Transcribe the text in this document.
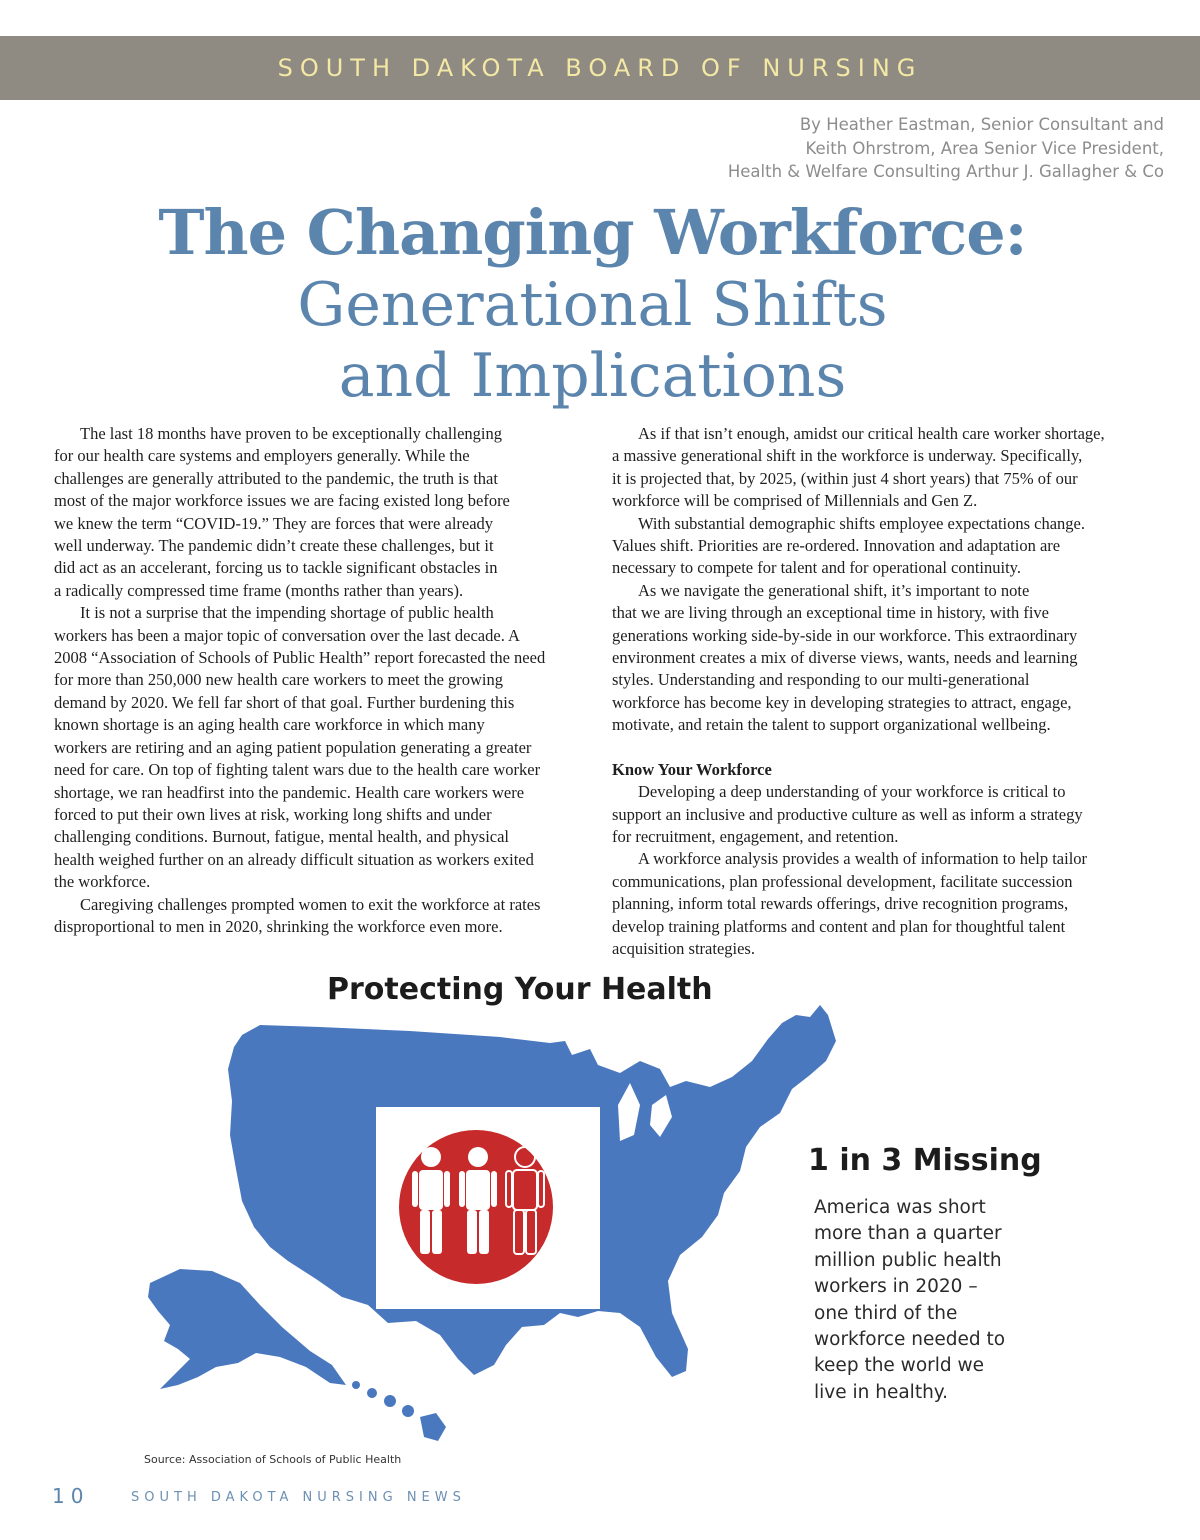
SOUTH DAKOTA BOARD OF NURSING
By Heather Eastman, Senior Consultant and
Keith Ohrstrom, Area Senior Vice President,
Health & Welfare Consulting Arthur J. Gallagher & Co
The Changing Workforce:
Generational Shifts
and Implications

The last 18 months have proven to be exceptionally challenging
for our health care systems and employers generally. While the
challenges are generally attributed to the pandemic, the truth is that
most of the major workforce issues we are facing existed long before
we knew the term “COVID-19.” They are forces that were already
well underway. The pandemic didn’t create these challenges, but it
did act as an accelerant, forcing us to tackle significant obstacles in
a radically compressed time frame (months rather than years).

It is not a surprise that the impending shortage of public health
workers has been a major topic of conversation over the last decade. A
2008 “Association of Schools of Public Health” report forecasted the need
for more than 250,000 new health care workers to meet the growing
demand by 2020. We fell far short of that goal. Further burdening this
known shortage is an aging health care workforce in which many
workers are retiring and an aging patient population generating a greater
need for care. On top of fighting talent wars due to the health care worker
shortage, we ran headfirst into the pandemic. Health care workers were
forced to put their own lives at risk, working long shifts and under
challenging conditions. Burnout, fatigue, mental health, and physical
health weighed further on an already difficult situation as workers exited
the workforce.

Caregiving challenges prompted women to exit the workforce at rates
disproportional to men in 2020, shrinking the workforce even more.

As if that isn’t enough, amidst our critical health care worker shortage,
a massive generational shift in the workforce is underway. Specifically,
it is projected that, by 2025, (within just 4 short years) that 75% of our
workforce will be comprised of Millennials and Gen Z.

With substantial demographic shifts employee expectations change.
Values shift. Priorities are re-ordered. Innovation and adaptation are
necessary to compete for talent and for operational continuity.

As we navigate the generational shift, it’s important to note
that we are living through an exceptional time in history, with five
generations working side-by-side in our workforce. This extraordinary
environment creates a mix of diverse views, wants, needs and learning
styles. Understanding and responding to our multi-generational
workforce has become key in developing strategies to attract, engage,
motivate, and retain the talent to support organizational wellbeing.

Know Your Workforce

Developing a deep understanding of your workforce is critical to
support an inclusive and productive culture as well as inform a strategy
for recruitment, engagement, and retention.

A workforce analysis provides a wealth of information to help tailor
communications, plan professional development, facilitate succession
planning, inform total rewards offerings, drive recognition programs,
develop training platforms and content and plan for thoughtful talent
acquisition strategies.

Protecting Your Health
1 in 3 Missing
America was short
more than a quarter
million public health
workers in 2020 –
one third of the
workforce needed to
keep the world we
live in healthy.
Source: Association of Schools of Public Health
10	SOUTH DAKOTA NURSING NEWS
